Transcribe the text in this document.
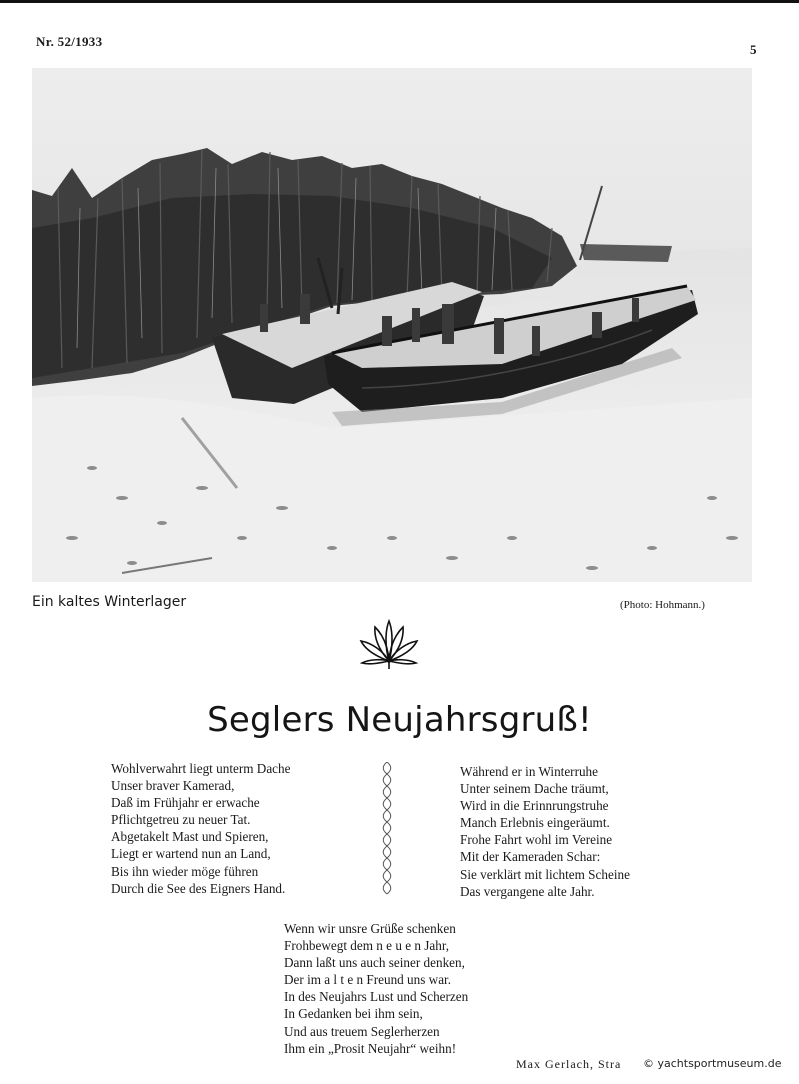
Nr. 52/1933
5
Ein kaltes Winterlager	(Photo: Hohmann.)
Seglers Neujahrsgruß!
Wohlverwahrt liegt unterm Dache
Unser braver Kamerad,
Daß im Frühjahr er erwache
Pflichtgetreu zu neuer Tat.
Abgetakelt Mast und Spieren,
Liegt er wartend nun an Land,
Bis ihn wieder möge führen
Durch die See des Eigners Hand.
Während er in Winterruhe
Unter seinem Dache träumt,
Wird in die Erinnrungstruhe
Manch Erlebnis eingeräumt.
Frohe Fahrt wohl im Vereine
Mit der Kameraden Schar:
Sie verklärt mit lichtem Scheine
Das vergangene alte Jahr.
Wenn wir unsre Grüße schenken
Frohbewegt dem n e u e n Jahr,
Dann laßt uns auch seiner denken,
Der im a l t e n Freund uns war.
In des Neujahrs Lust und Scherzen
In Gedanken bei ihm sein,
Und aus treuem Seglerherzen
Ihm ein „Prosit Neujahr“ weihn!
Max Gerlach, Stra © yachtsportmuseum.de
